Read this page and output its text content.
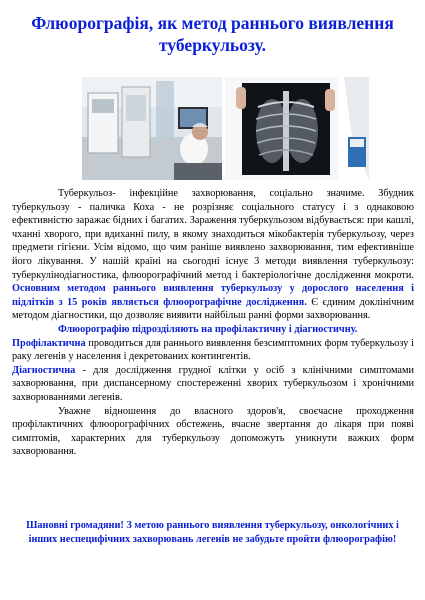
Флюорографія, як метод раннього виявлення туберкульозу.

Туберкульоз- інфекційне захворювання, соціально значиме. Збудник туберкульозу - паличка Коха - не розрізняє соціального статусу і з однаковою ефективністю заражає бідних і багатих. Зараження туберкульозом відбувається: при кашлі, чханні хворого, при вдиханні пилу, в якому знаходиться мікобактерія туберкульозу, через предмети гігієни. Усім відомо, що чим раніше виявлено захворювання, тим ефективніше його лікування. У нашій країні на сьогодні існує 3 методи виявлення туберкульозу: туберкулінодіагностика, флюорографічний метод і бактеріологічне дослідження мокроти. Основним методом раннього виявлення туберкульозу у дорослого населення і підлітків з 15 років являється флюорографічне дослідження. Є єдиним доклінічним методом діагностики, що дозволяє виявити найбільш ранні форми захворювання.

Флюорографію підрозділяють на профілактичну і діагностичну.

Профілактична проводиться для раннього виявлення безсимптомних форм туберкульозу і раку легенів у населення і декретованих контингентів.

Діагностична - для дослідження грудної клітки у осіб з клінічними симптомами захворювання, при диспансерному спостереженні хворих туберкульозом і хронічними захворюваннями легенів.

Уважне відношення до власного здоров'я, своєчасне проходження профілактичних флюорографічних обстежень, вчасне звертання до лікаря при появі симптомів, характерних для туберкульозу допоможуть уникнути важких форм захворювання.

Шановні громадяни! З метою раннього виявлення туберкульозу, онкологічних і інших неспецифічних захворювань легенів не забудьте пройти флюорографію!
